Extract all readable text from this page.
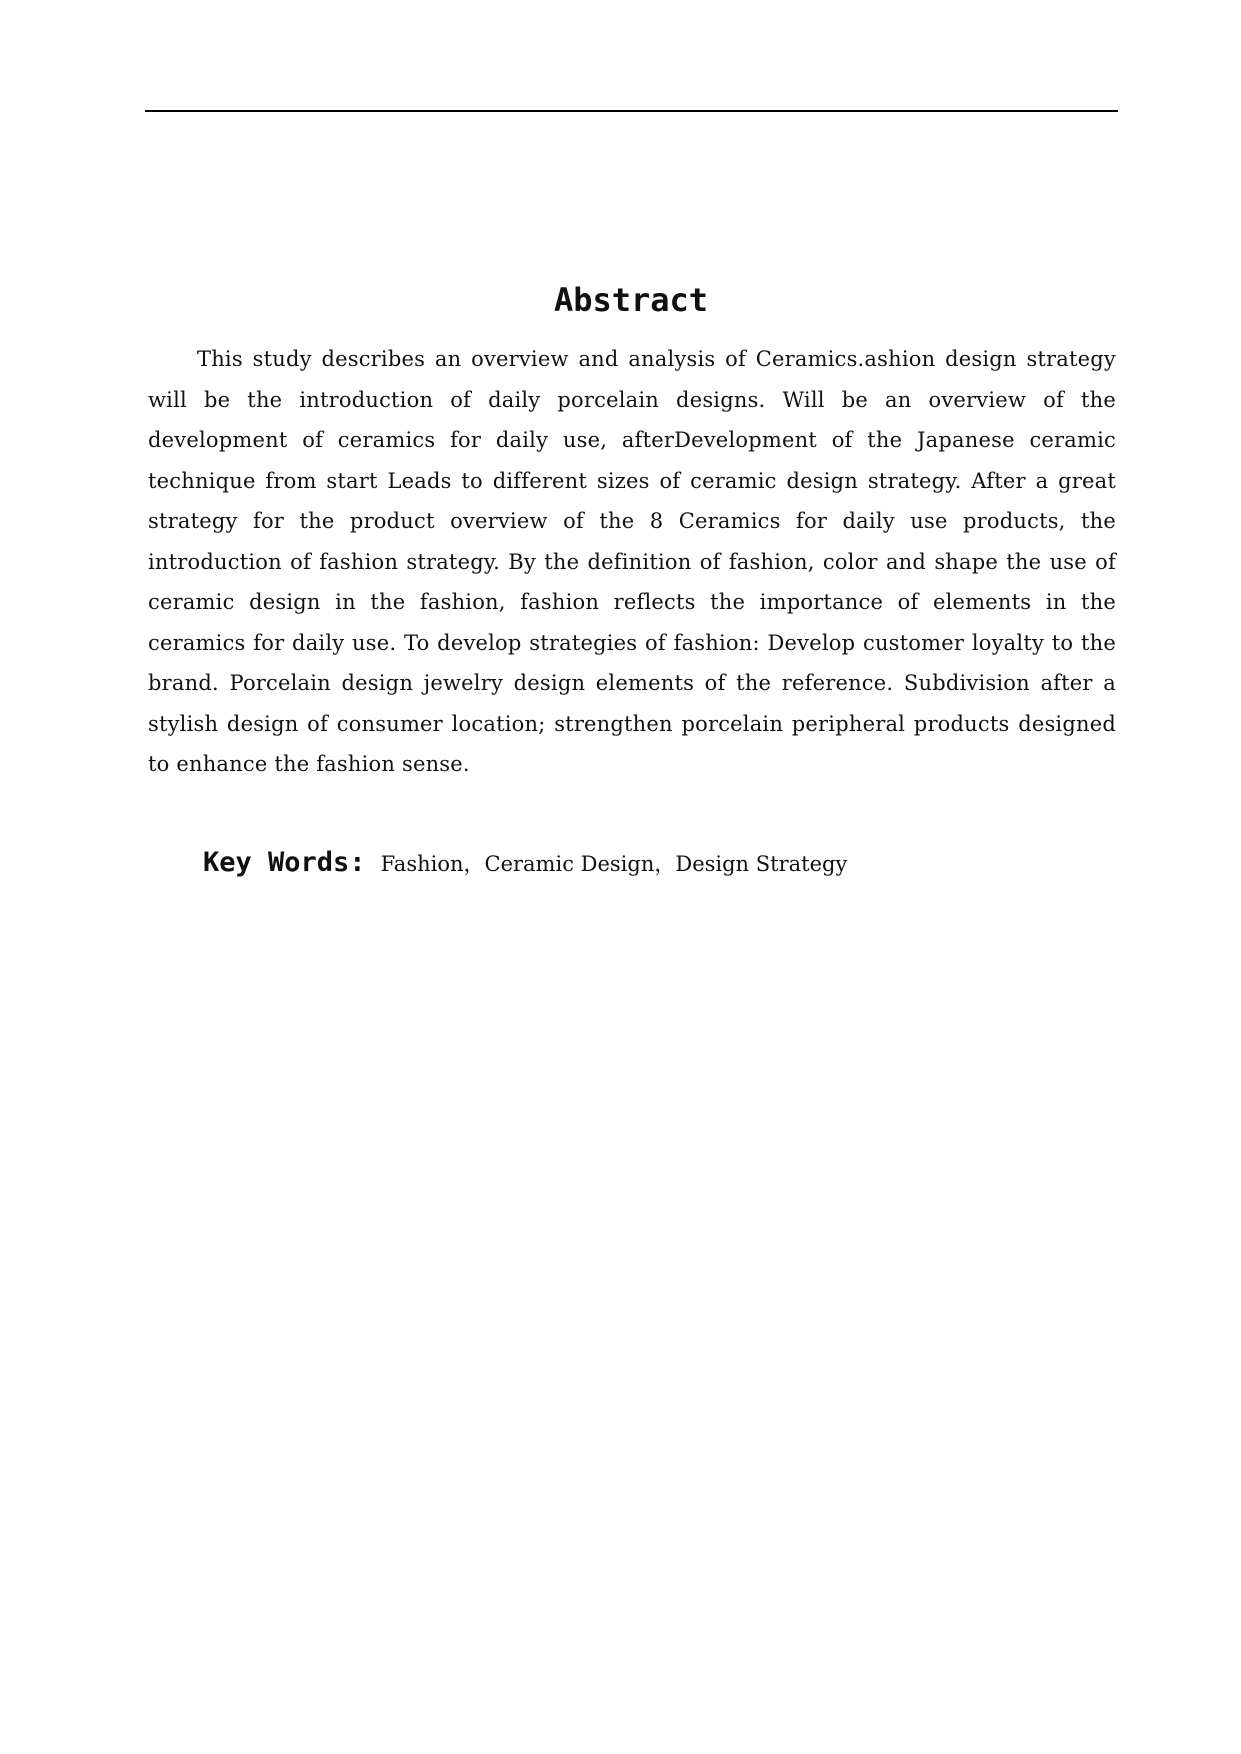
Abstract

This study describes an overview and analysis of Ceramics.ashion design strategy will be the introduction of daily porcelain designs. Will be an overview of the development of ceramics for daily use, afterDevelopment of the Japanese ceramic technique from start Leads to different sizes of ceramic design strategy. After a great strategy for the product overview of the 8 Ceramics for daily use products, the introduction of fashion strategy. By the definition of fashion, color and shape the use of ceramic design in the fashion, fashion reflects the importance of elements in the ceramics for daily use. To develop strategies of fashion: Develop customer loyalty to the brand. Porcelain design jewelry design elements of the reference. Subdivision after a stylish design of consumer location; strengthen porcelain peripheral products designed to enhance the fashion sense.

Key Words: Fashion，Ceramic Design，Design Strategy
